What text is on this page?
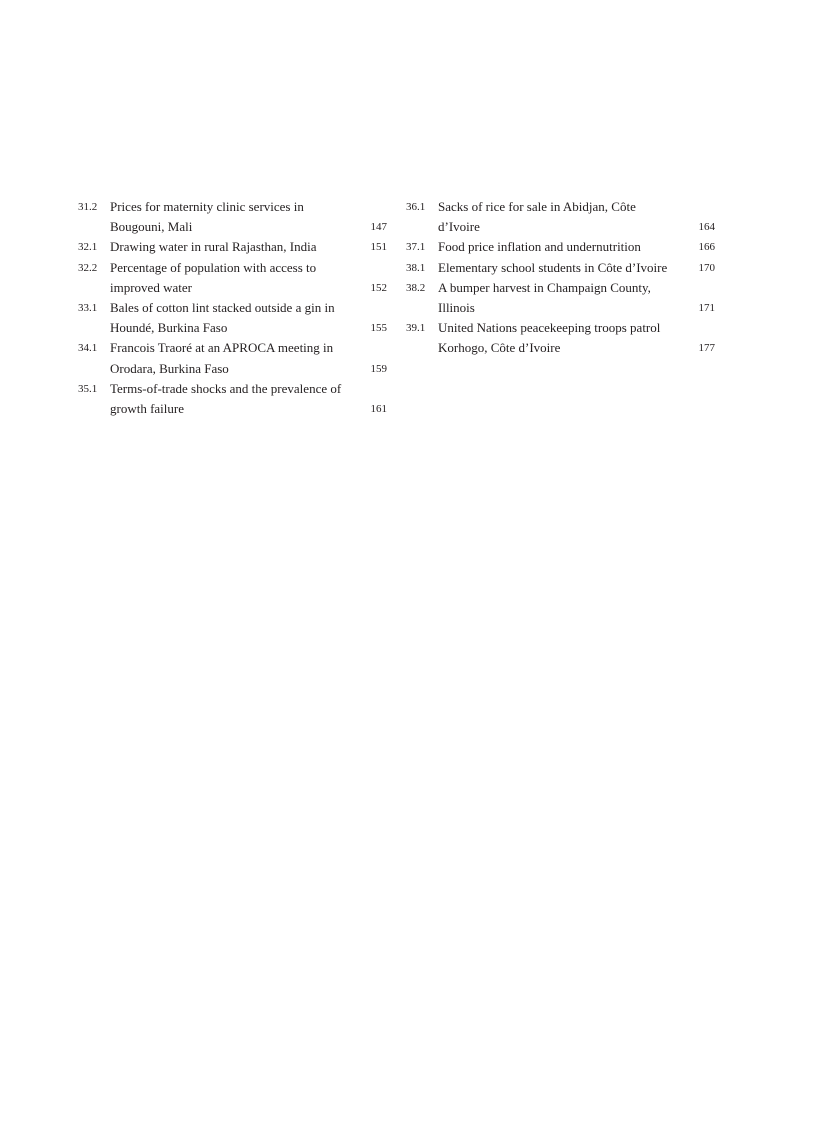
31.2 Prices for maternity clinic services in Bougouni, Mali	147
32.1 Drawing water in rural Rajasthan, India	151
32.2 Percentage of population with access to improved water	152
33.1 Bales of cotton lint stacked outside a gin in Houndé, Burkina Faso	155
34.1 Francois Traoré at an APROCA meeting in Orodara, Burkina Faso	159
35.1 Terms-of-trade shocks and the prevalence of growth failure	161
36.1 Sacks of rice for sale in Abidjan, Côte d’Ivoire	164
37.1 Food price inflation and undernutrition	166
38.1 Elementary school students in Côte d’Ivoire	170
38.2 A bumper harvest in Champaign County, Illinois	171
39.1 United Nations peacekeeping troops patrol Korhogo, Côte d’Ivoire	177
